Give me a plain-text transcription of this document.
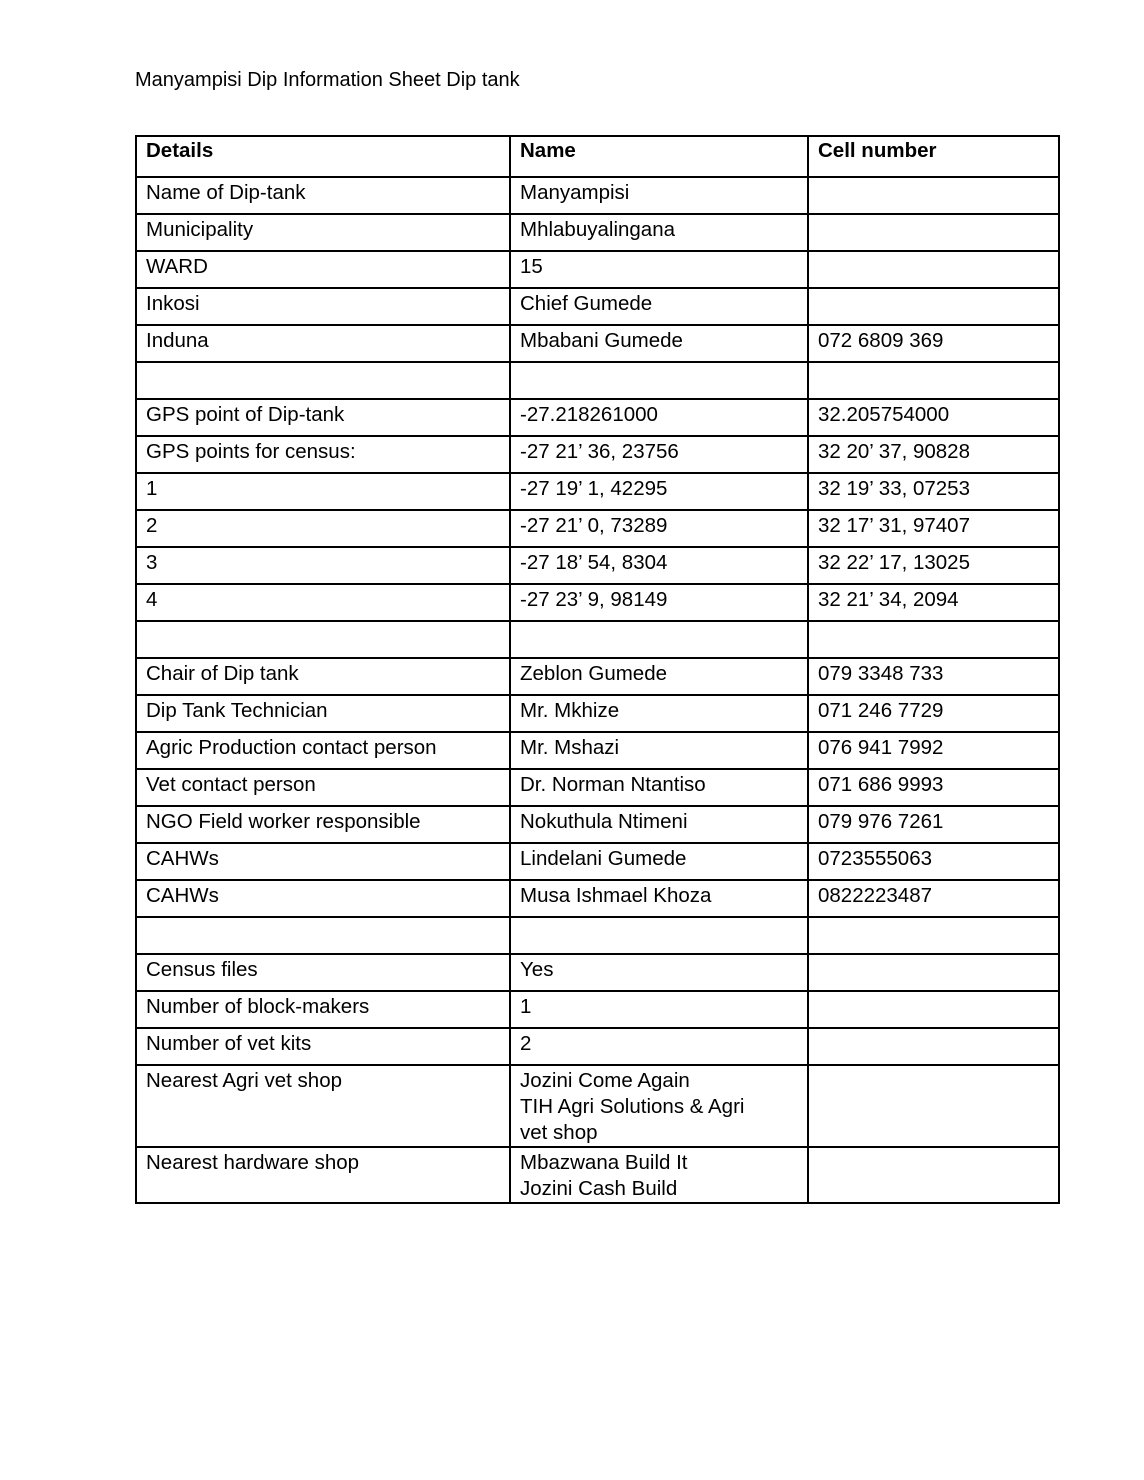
Manyampisi Dip Information Sheet Dip tank
Details	Name	Cell number
Name of Dip-tank	Manyampisi	
Municipality	Mhlabuyalingana	
WARD	15	
Inkosi	Chief Gumede	
Induna	Mbabani Gumede	072 6809 369

GPS point of Dip-tank	-27.218261000	32.205754000
GPS points for census:	-27 21’ 36, 23756	32 20’ 37, 90828
1	-27 19’ 1, 42295	32 19’ 33, 07253
2	-27 21’ 0, 73289	32 17’ 31, 97407
3	-27 18’ 54, 8304	32 22’ 17, 13025
4	-27 23’ 9, 98149	32 21’ 34, 2094

Chair of Dip tank	Zeblon Gumede	079 3348 733
Dip Tank Technician	Mr. Mkhize	071 246 7729
Agric Production contact person	Mr. Mshazi	076 941 7992
Vet contact person	Dr. Norman Ntantiso	071 686 9993
NGO Field worker responsible	Nokuthula Ntimeni	079 976 7261
CAHWs	Lindelani Gumede	0723555063
CAHWs	Musa Ishmael Khoza	0822223487

Census files	Yes	
Number of block-makers	1	
Number of vet kits	2	
Nearest Agri vet shop	Jozini Come Again
TIH Agri Solutions & Agri
vet shop	

Nearest hardware shop	Mbazwana Build It
Jozini Cash Build	
